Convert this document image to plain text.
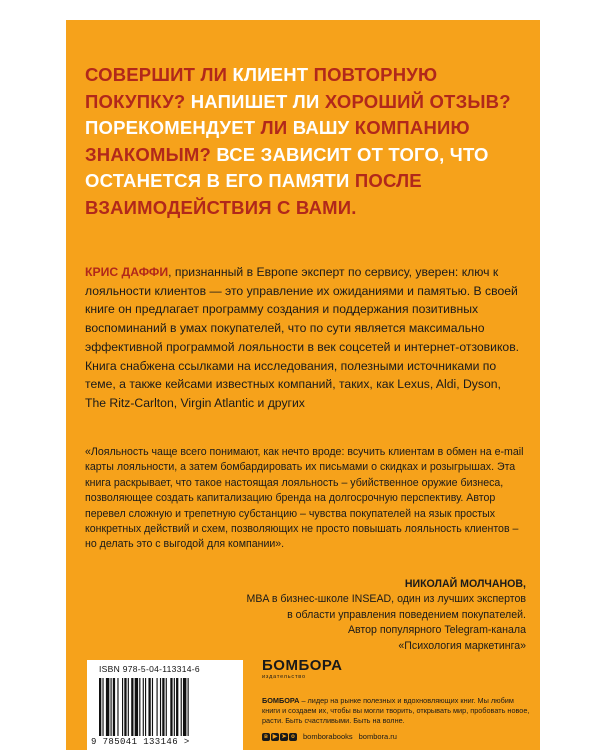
СОВЕРШИТ ЛИ КЛИЕНТ ПОВТОРНУЮ ПОКУПКУ? НАПИШЕТ ЛИ ХОРОШИЙ ОТЗЫВ? ПОРЕКОМЕНДУЕТ ЛИ ВАШУ КОМПАНИЮ ЗНАКОМЫМ? ВСЕ ЗАВИСИТ ОТ ТОГО, ЧТО ОСТАНЕТСЯ В ЕГО ПАМЯТИ ПОСЛЕ ВЗАИМОДЕЙСТВИЯ С ВАМИ.
КРИС ДАФФИ, признанный в Европе эксперт по сервису, уверен: ключ к лояльности клиентов — это управление их ожиданиями и памятью. В своей книге он предлагает программу создания и поддержания позитивных воспоминаний в умах покупателей, что по сути является максимально эффективной программой лояльности в век соцсетей и интернет-отзовиков. Книга снабжена ссылками на исследования, полезными источниками по теме, а также кейсами известных компаний, таких, как Lexus, Aldi, Dyson, The Ritz-Carlton, Virgin Atlantic и других
«Лояльность чаще всего понимают, как нечто вроде: всучить клиентам в обмен на e-mail карты лояльности, а затем бомбардировать их письмами о скидках и розыгрышах. Эта книга раскрывает, что такое настоящая лояльность – убийственное оружие бизнеса, позволяющее создать капитализацию бренда на долгосрочную перспективу. Автор перевел сложную и трепетную субстанцию – чувства покупателей на язык простых конкретных действий и схем, позволяющих не просто повышать лояльность клиентов – но делать это с выгодой для компании».
НИКОЛАЙ МОЛЧАНОВ,
MBA в бизнес-школе INSEAD, один из лучших экспертов
в области управления поведением покупателей.
Автор популярного Telegram-канала
«Психология маркетинга»
ISBN 978-5-04-113314-6
9 785041 133146 >
БОМБОРА
издательство
БОМБОРА – лидер на рынке полезных и вдохновляющих книг. Мы любим книги и создаем их, чтобы вы могли творить, открывать мир, пробовать новое, расти. Быть счастливыми. Быть на волне.
в ▶ ➤ о bomborabooks bombora.ru
